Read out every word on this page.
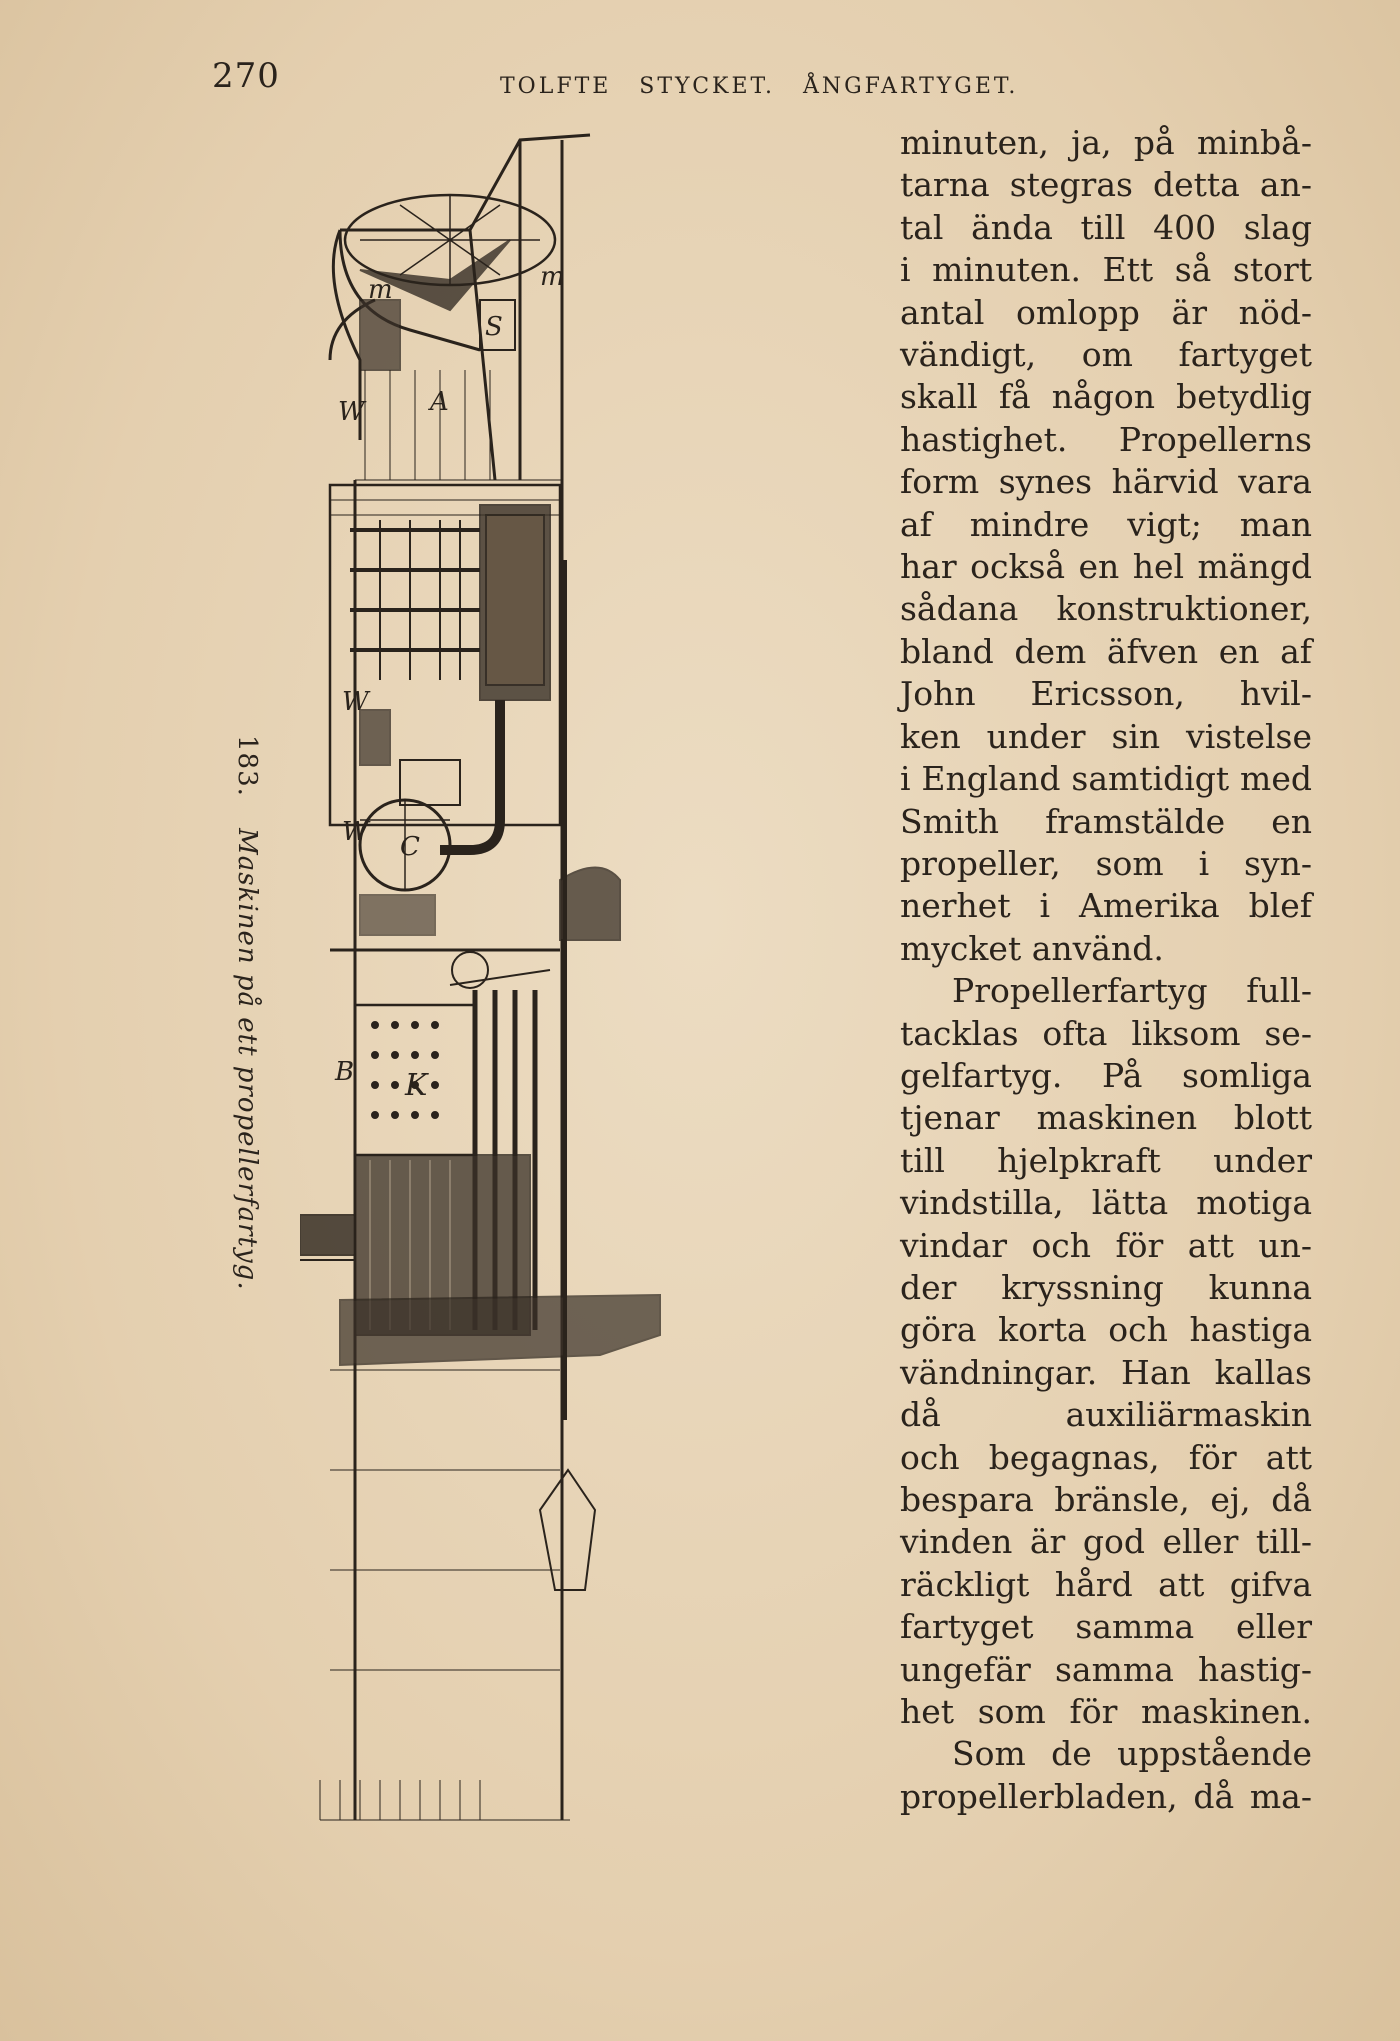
270	TOLFTE STYCKET. ÅNGFARTYGET.
m	m
S
A
W
W
W C
B K
183. Maskinen på ett propellerfartyg.
minuten, ja, på minbå-
tarna stegras detta an-
tal ända till 400 slag
i minuten. Ett så stort
antal omlopp är nöd-
vändigt, om fartyget
skall få någon betydlig
hastighet. Propellerns
form synes härvid vara
af mindre vigt; man
har också en hel mängd
sådana konstruktioner,
bland dem äfven en af
John Ericsson, hvil-
ken under sin vistelse
i England samtidigt med
Smith framstälde en
propeller, som i syn-
nerhet i Amerika blef
mycket använd.
Propellerfartyg full-
tacklas ofta liksom se-
gelfartyg. På somliga
tjenar maskinen blott
till hjelpkraft under
vindstilla, lätta motiga
vindar och för att un-
der kryssning kunna
göra korta och hastiga
vändningar. Han kallas
då auxiliärmaskin
och begagnas, för att
bespara bränsle, ej, då
vinden är god eller till-
räckligt hård att gifva
fartyget samma eller
ungefär samma hastig-
het som för maskinen.
Som de uppstående
propellerbladen, då ma-
